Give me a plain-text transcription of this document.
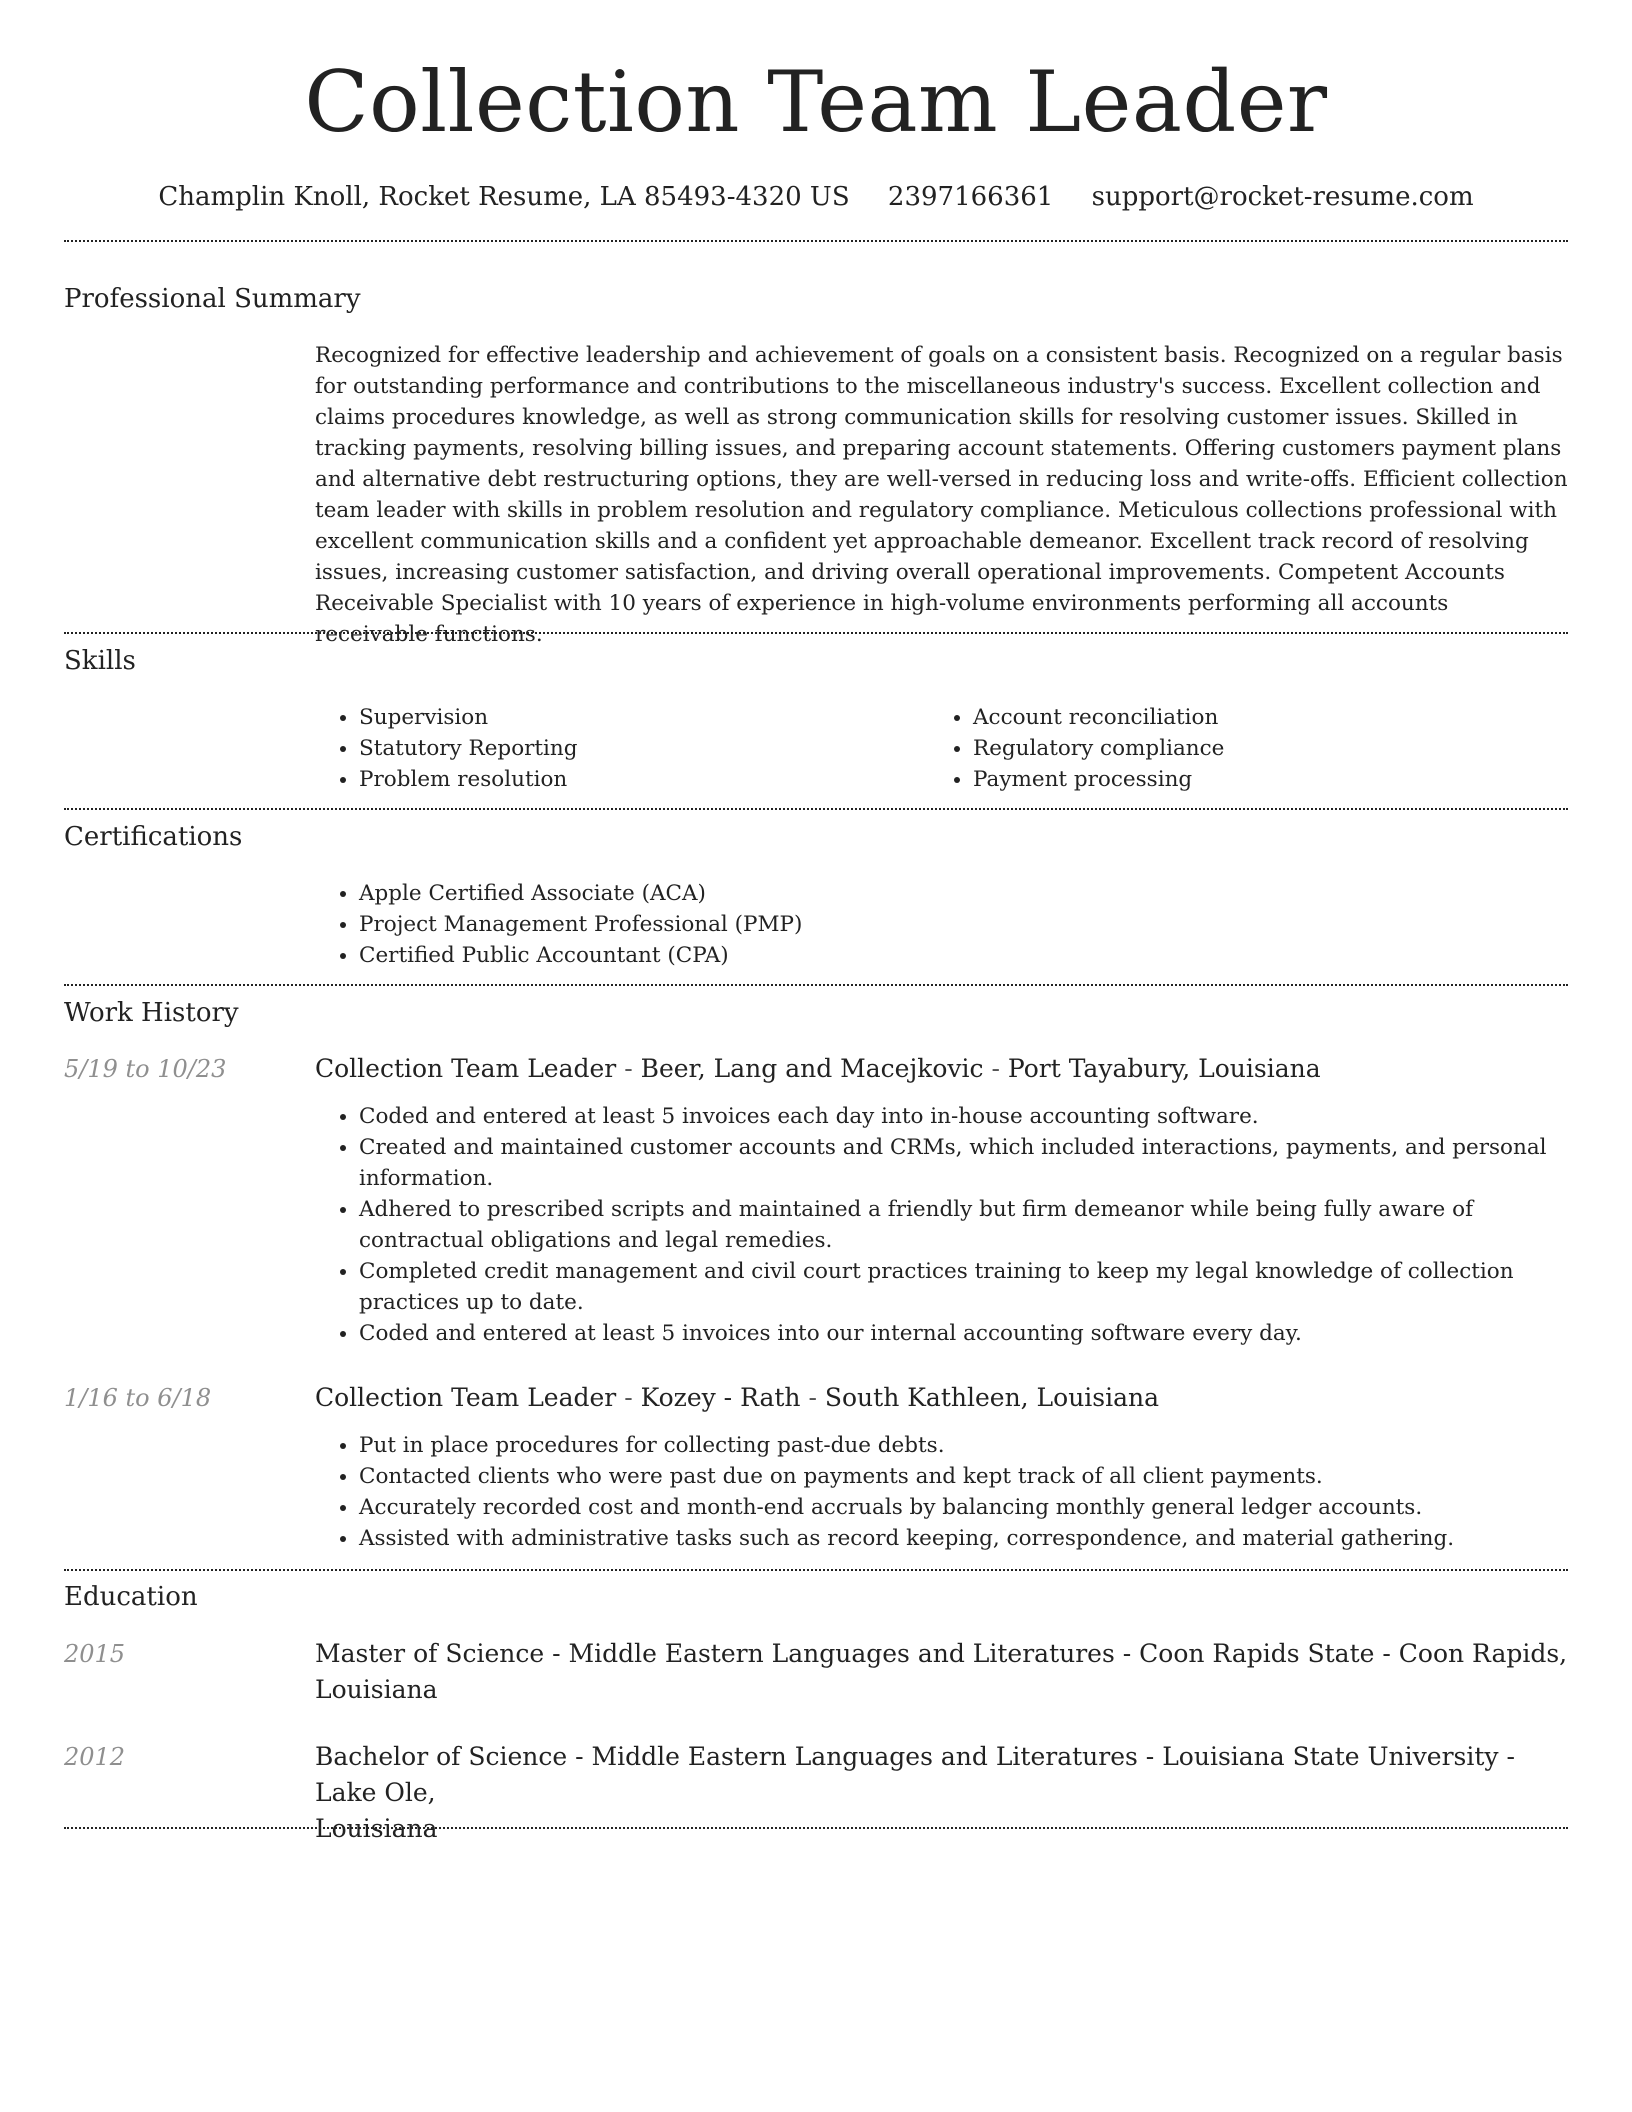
Collection Team Leader
Champlin Knoll, Rocket Resume, LA 85493-4320 US 2397166361 support@rocket-resume.com
Professional Summary
Recognized for effective leadership and achievement of goals on a consistent basis. Recognized on a regular basis for outstanding performance and contributions to the miscellaneous industry's success. Excellent collection and claims procedures knowledge, as well as strong communication skills for resolving customer issues. Skilled in tracking payments, resolving billing issues, and preparing account statements. Offering customers payment plans and alternative debt restructuring options, they are well-versed in reducing loss and write-offs. Efficient collection team leader with skills in problem resolution and regulatory compliance. Meticulous collections professional with excellent communication skills and a confident yet approachable demeanor. Excellent track record of resolving issues, increasing customer satisfaction, and driving overall operational improvements. Competent Accounts Receivable Specialist with 10 years of experience in high-volume environments performing all accounts receivable functions.
Skills
• Supervision
• Statutory Reporting
• Problem resolution
• Account reconciliation
• Regulatory compliance
• Payment processing
Certifications
• Apple Certified Associate (ACA)
• Project Management Professional (PMP)
• Certified Public Accountant (CPA)
Work History
5/19 to 10/23	Collection Team Leader - Beer, Lang and Macejkovic - Port Tayabury, Louisiana
• Coded and entered at least 5 invoices each day into in-house accounting software.
• Created and maintained customer accounts and CRMs, which included interactions, payments, and personal information.
• Adhered to prescribed scripts and maintained a friendly but firm demeanor while being fully aware of contractual obligations and legal remedies.
• Completed credit management and civil court practices training to keep my legal knowledge of collection practices up to date.
• Coded and entered at least 5 invoices into our internal accounting software every day.
1/16 to 6/18	Collection Team Leader - Kozey - Rath - South Kathleen, Louisiana
• Put in place procedures for collecting past-due debts.
• Contacted clients who were past due on payments and kept track of all client payments.
• Accurately recorded cost and month-end accruals by balancing monthly general ledger accounts.
• Assisted with administrative tasks such as record keeping, correspondence, and material gathering.
Education
2015	Master of Science - Middle Eastern Languages and Literatures - Coon Rapids State - Coon Rapids,
Louisiana
2012	Bachelor of Science - Middle Eastern Languages and Literatures - Louisiana State University - Lake Ole,
Louisiana
